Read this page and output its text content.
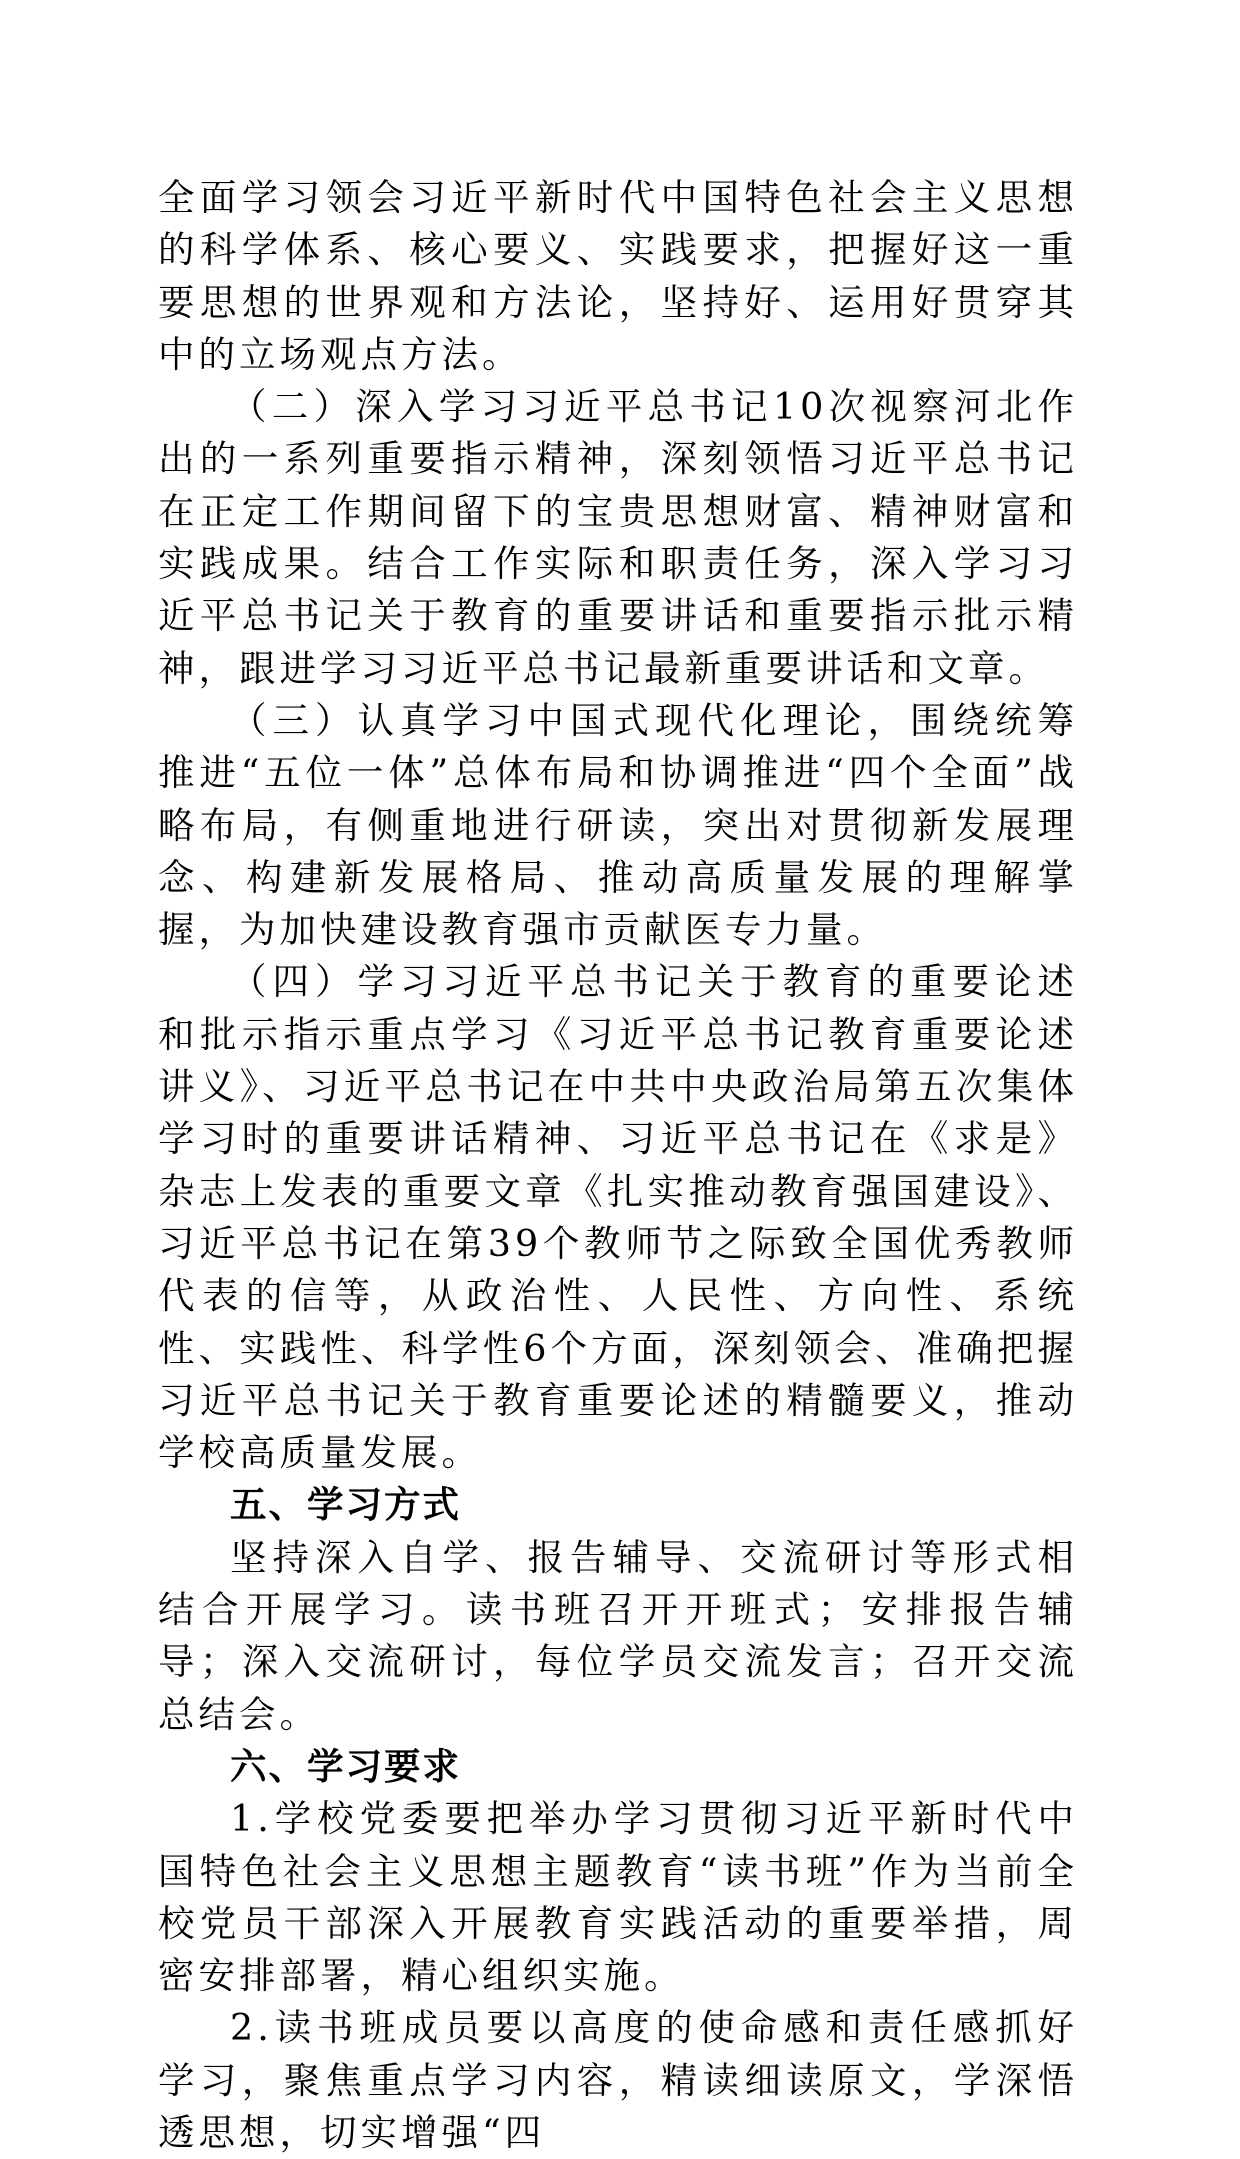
全面学习领会习近平新时代中国特色社会主义思想的科学体系、核心要义、实践要求，把握好这一重要思想的世界观和方法论，坚持好、运用好贯穿其中的立场观点方法。

（二）深入学习习近平总书记10次视察河北作出的一系列重要指示精神，深刻领悟习近平总书记在正定工作期间留下的宝贵思想财富、精神财富和实践成果。结合工作实际和职责任务，深入学习习近平总书记关于教育的重要讲话和重要指示批示精神，跟进学习习近平总书记最新重要讲话和文章。

（三）认真学习中国式现代化理论，围绕统筹推进“五位一体”总体布局和协调推进“四个全面”战略布局，有侧重地进行研读，突出对贯彻新发展理念、构建新发展格局、推动高质量发展的理解掌握，为加快建设教育强市贡献医专力量。

（四）学习习近平总书记关于教育的重要论述和批示指示重点学习《习近平总书记教育重要论述讲义》、习近平总书记在中共中央政治局第五次集体学习时的重要讲话精神、习近平总书记在《求是》杂志上发表的重要文章《扎实推动教育强国建设》、习近平总书记在第39个教师节之际致全国优秀教师代表的信等，从政治性、人民性、方向性、系统性、实践性、科学性6个方面，深刻领会、准确把握习近平总书记关于教育重要论述的精髓要义，推动学校高质量发展。

五、学习方式

坚持深入自学、报告辅导、交流研讨等形式相结合开展学习。读书班召开开班式；安排报告辅导；深入交流研讨，每位学员交流发言；召开交流总结会。

六、学习要求

1.学校党委要把举办学习贯彻习近平新时代中国特色社会主义思想主题教育“读书班”作为当前全校党员干部深入开展教育实践活动的重要举措，周密安排部署，精心组织实施。

2.读书班成员要以高度的使命感和责任感抓好学习，聚焦重点学习内容，精读细读原文，学深悟透思想，切实增强“四
